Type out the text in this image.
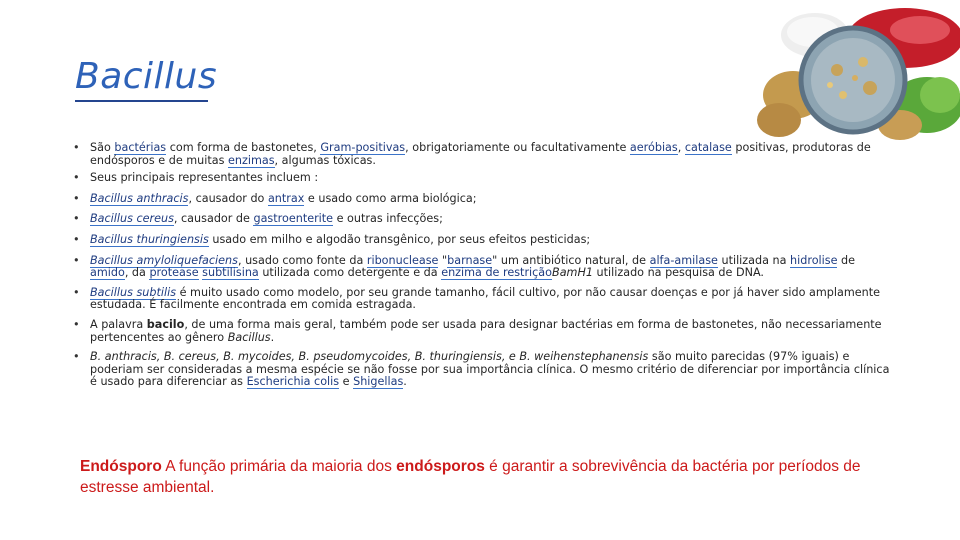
Bacillus
• São bactérias com forma de bastonetes, Gram-positivas, obrigatoriamente ou facultativamente aeróbias, catalase positivas, produtoras de endósporos e de muitas enzimas, algumas tóxicas.
• Seus principais representantes incluem :
• Bacillus anthracis, causador do antrax e usado como arma biológica;
• Bacillus cereus, causador de gastroenterite e outras infecções;
• Bacillus thuringiensis usado em milho e algodão transgênico, por seus efeitos pesticidas;
• Bacillus amyloliquefaciens, usado como fonte da ribonuclease "barnase" um antibiótico natural, de alfa-amilase utilizada na hidrolise de amido, da protease subtilisina utilizada como detergente e da enzima de restriçãoBamH1 utilizado na pesquisa de DNA.
• Bacillus subtilis é muito usado como modelo, por seu grande tamanho, fácil cultivo, por não causar doenças e por já haver sido amplamente estudada. É facilmente encontrada em comida estragada.
• A palavra bacilo, de uma forma mais geral, também pode ser usada para designar bactérias em forma de bastonetes, não necessariamente pertencentes ao gênero Bacillus.
• B. anthracis, B. cereus, B. mycoides, B. pseudomycoides, B. thuringiensis, e B. weihenstephanensis são muito parecidas (97% iguais) e poderiam ser consideradas a mesma espécie se não fosse por sua importância clínica. O mesmo critério de diferenciar por importância clínica é usado para diferenciar as Escherichia colis e Shigellas.
Endósporo A função primária da maioria dos endósporos é garantir a sobrevivência da bactéria por períodos de estresse ambiental.
